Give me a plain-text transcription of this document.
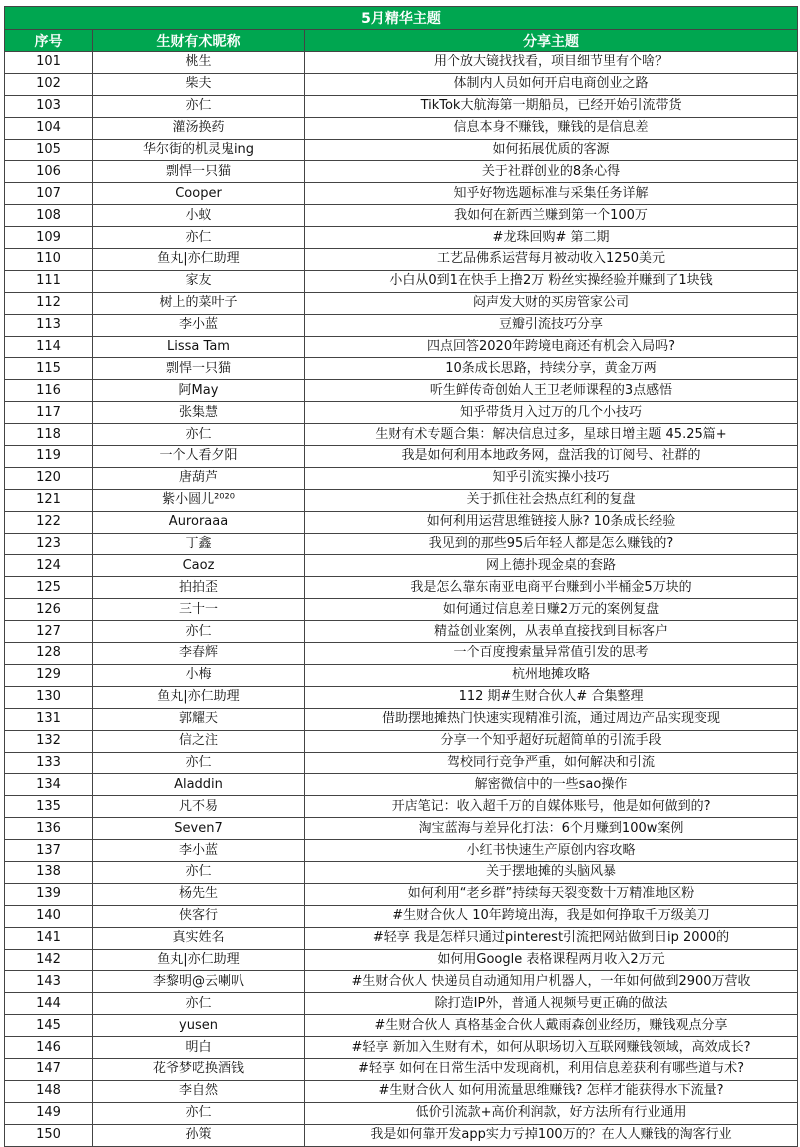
5月精华主题		
序号	生财有术昵称	分享主题
101	桃生	用个放大镜找找看，项目细节里有个啥？
102	柴夫	体制内人员如何开启电商创业之路
103	亦仁	TikTok大航海第一期船员，已经开始引流带货
104	灌汤换药	信息本身不赚钱，赚钱的是信息差
105	华尔街的机灵鬼ing	如何拓展优质的客源
106	剽悍一只猫	关于社群创业的8条心得
107	Cooper	知乎好物选题标准与采集任务详解
108	小蚁	我如何在新西兰赚到第一个100万
109	亦仁	#龙珠回购# 第二期
110	鱼丸|亦仁助理	工艺品佛系运营每月被动收入1250美元
111	家友	小白从0到1在快手上撸2万 粉丝实操经验并赚到了1块钱
112	树上的菜叶子	闷声发大财的买房管家公司
113	李小蓝	豆瓣引流技巧分享
114	Lissa Tam	四点回答2020年跨境电商还有机会入局吗?
115	剽悍一只猫	10条成长思路，持续分享，黄金万两
116	阿May	听生鲜传奇创始人王卫老师课程的3点感悟
117	张集慧	知乎带货月入过万的几个小技巧
118	亦仁	生财有术专题合集：解决信息过多，星球日增主题 45.25篇+
119	一个人看夕阳	我是如何利用本地政务网，盘活我的订阅号、社群的
120	唐葫芦	知乎引流实操小技巧
121	紫小圆儿²⁰²⁰	关于抓住社会热点红利的复盘
122	Auroraaa	如何利用运营思维链接人脉? 10条成长经验
123	丁鑫	我见到的那些95后年轻人都是怎么赚钱的?
124	Caoz	网上德扑现金桌的套路
125	拍拍歪	我是怎么靠东南亚电商平台赚到小半桶金5万块的
126	三十一	如何通过信息差日赚2万元的案例复盘
127	亦仁	精益创业案例，从表单直接找到目标客户
128	李春辉	一个百度搜索量异常值引发的思考
129	小梅	杭州地摊攻略
130	鱼丸|亦仁助理	112 期#生财合伙人# 合集整理
131	郭耀天	借助摆地摊热门快速实现精准引流，通过周边产品实现变现
132	信之注	分享一个知乎超好玩超简单的引流手段
133	亦仁	驾校同行竞争严重，如何解决和引流
134	Aladdin	解密微信中的一些sao操作
135	凡不易	开店笔记：收入超千万的自媒体账号，他是如何做到的?
136	Seven7	淘宝蓝海与差异化打法：6个月赚到100w案例
137	李小蓝	小红书快速生产原创内容攻略
138	亦仁	关于摆地摊的头脑风暴
139	杨先生	如何利用“老乡群”持续每天裂变数十万精准地区粉
140	侠客行	#生财合伙人 10年跨境出海，我是如何挣取千万级美刀
141	真实姓名	#轻享 我是怎样只通过pinterest引流把网站做到日ip 2000的
142	鱼丸|亦仁助理	如何用Google 表格课程两月收入2万元
143	李黎明@云喇叭	#生财合伙人 快递员自动通知用户机器人，一年如何做到2900万营收
144	亦仁	除打造IP外，普通人视频号更正确的做法
145	yusen	#生财合伙人 真格基金合伙人戴雨森创业经历，赚钱观点分享
146	明白	#轻享 新加入生财有术，如何从职场切入互联网赚钱领域，高效成长?
147	花爷梦呓换酒钱	#轻享 如何在日常生活中发现商机，利用信息差获利有哪些道与术?
148	李自然	#生财合伙人 如何用流量思维赚钱? 怎样才能获得水下流量?
149	亦仁	低价引流款+高价利润款，好方法所有行业通用
150	孙策	我是如何靠开发app实力亏掉100万的？在人人赚钱的淘客行业
